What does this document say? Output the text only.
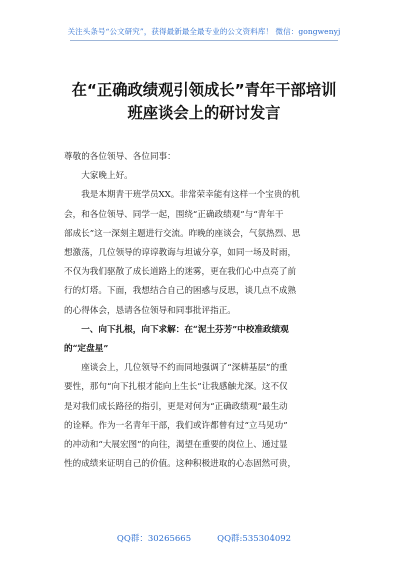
关注头条号“公文研究”，获得最新最全最专业的公文资料库！ 微信：gongwenyj
在“正确政绩观引领成长”青年干部培训
班座谈会上的研讨发言

尊敬的各位领导、各位同事：

大家晚上好。

我是本期青干班学员XX。非常荣幸能有这样一个宝贵的机
会，和各位领导、同学一起，围绕“正确政绩观”与“青年干
部成长”这一深刻主题进行交流。昨晚的座谈会，气氛热烈、思
想激荡，几位领导的谆谆教诲与坦诚分享，如同一场及时雨，
不仅为我们驱散了成长道路上的迷雾，更在我们心中点亮了前
行的灯塔。下面，我想结合自己的困惑与反思，谈几点不成熟
的心得体会，恳请各位领导和同事批评指正。

一、向下扎根，向下求解：在“泥土芬芳”中校准政绩观
的“定盘星”

座谈会上，几位领导不约而同地强调了“深耕基层”的重
要性，那句“向下扎根才能向上生长”让我感触尤深。这不仅
是对我们成长路径的指引，更是对何为“正确政绩观”最生动
的诠释。作为一名青年干部，我们或许都曾有过“立马见功”
的冲动和“大展宏图”的向往，渴望在重要的岗位上、通过显
性的成绩来证明自己的价值。这种积极进取的心态固然可贵，

QQ群：30265665	QQ群:535304092
